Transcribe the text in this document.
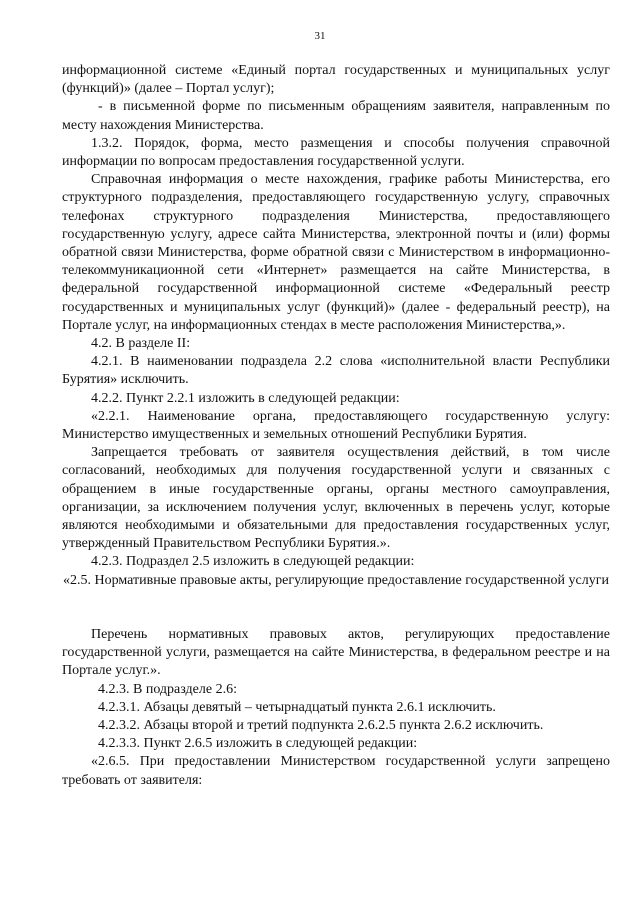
31

информационной системе «Единый портал государственных и муниципальных услуг (функций)» (далее – Портал услуг);

- в письменной форме по письменным обращениям заявителя, направленным по месту нахождения Министерства.

1.3.2. Порядок, форма, место размещения и способы получения справочной информации по вопросам предоставления государственной услуги.

Справочная информация о месте нахождения, графике работы Министерства, его структурного подразделения, предоставляющего государственную услугу, справочных телефонах структурного подразделения Министерства, предоставляющего государственную услугу, адресе сайта Министерства, электронной почты и (или) формы обратной связи Министерства, форме обратной связи с Министерством в информационно- телекоммуникационной сети «Интернет» размещается на сайте Министерства, в федеральной государственной информационной системе «Федеральный реестр государственных и муниципальных услуг (функций)» (далее - федеральный реестр), на Портале услуг, на информационных стендах в месте расположения Министерства,».

4.2. В разделе II:

4.2.1. В наименовании подраздела 2.2 слова «исполнительной власти Республики Бурятия» исключить.

4.2.2. Пункт 2.2.1 изложить в следующей редакции:

«2.2.1. Наименование органа, предоставляющего государственную услугу: Министерство имущественных и земельных отношений Республики Бурятия.

Запрещается требовать от заявителя осуществления действий, в том числе согласований, необходимых для получения государственной услуги и связанных с обращением в иные государственные органы, органы местного самоуправления, организации, за исключением получения услуг, включенных в перечень услуг, которые являются необходимыми и обязательными для предоставления государственных услуг, утвержденный Правительством Республики Бурятия.».

4.2.3. Подраздел 2.5 изложить в следующей редакции:

«2.5. Нормативные правовые акты, регулирующие предоставление государственной услуги

Перечень нормативных правовых актов, регулирующих предоставление государственной услуги, размещается на сайте Министерства, в федеральном реестре и на Портале услуг.».

4.2.3. В подразделе 2.6:

4.2.3.1. Абзацы девятый – четырнадцатый пункта 2.6.1 исключить.

4.2.3.2. Абзацы второй и третий подпункта 2.6.2.5 пункта 2.6.2 исключить.

4.2.3.3. Пункт 2.6.5 изложить в следующей редакции:

«2.6.5. При предоставлении Министерством государственной услуги запрещено требовать от заявителя:
